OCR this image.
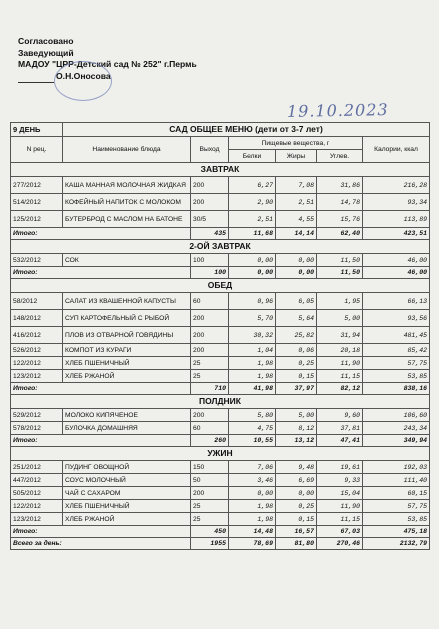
Согласовано
Заведующий
МАДОУ "ЦРР-Детский сад № 252" г.Пермь
О.Н.Оносова
19.10.2023
9 ДЕНЬ	САД ОБЩЕЕ МЕНЮ (дети от 3-7 лет)					
N рец.	Наименование блюда	Выход	Пищевые вещества, г			Калории, ккал
			Белки	Жиры	Углев.	
ЗАВТРАК						
277/2012	КАША МАННАЯ МОЛОЧНАЯ ЖИДКАЯ	200	6,27	7,08	31,86	216,28
514/2012	КОФЕЙНЫЙ НАПИТОК С МОЛОКОМ	200	2,90	2,51	14,78	93,34
125/2012	БУТЕРБРОД С МАСЛОМ НА БАТОНЕ	30/5	2,51	4,55	15,76	113,89
Итого:		435	11,68	14,14	62,40	423,51
2-ОЙ ЗАВТРАК						
532/2012	СОК	100	0,00	0,00	11,50	46,00
Итого:		100	0,00	0,00	11,50	46,00
ОБЕД						
58/2012	САЛАТ ИЗ КВАШЕННОЙ КАПУСТЫ	60	0,96	6,05	1,95	66,13
148/2012	СУП КАРТОФЕЛЬНЫЙ С РЫБОЙ	200	5,70	5,64	5,00	93,56
416/2012	ПЛОВ ИЗ ОТВАРНОЙ ГОВЯДИНЫ	200	30,32	25,82	31,94	481,45
526/2012	КОМПОТ ИЗ КУРАГИ	200	1,04	0,06	20,18	85,42
122/2012	ХЛЕБ ПШЕНИЧНЫЙ	25	1,98	0,25	11,90	57,75
123/2012	ХЛЕБ РЖАНОЙ	25	1,98	0,15	11,15	53,85
Итого:		710	41,98	37,97	82,12	838,16
ПОЛДНИК						
529/2012	МОЛОКО КИПЯЧЕНОЕ	200	5,80	5,00	9,60	106,60
578/2012	БУЛОЧКА ДОМАШНЯЯ	60	4,75	8,12	37,81	243,34
Итого:		260	10,55	13,12	47,41	349,94
УЖИН						
251/2012	ПУДИНГ ОВОЩНОЙ	150	7,06	9,48	19,61	192,03
447/2012	СОУС МОЛОЧНЫЙ	50	3,46	6,69	9,33	111,40
505/2012	ЧАЙ С САХАРОМ	200	0,00	0,00	15,04	60,15
122/2012	ХЛЕБ ПШЕНИЧНЫЙ	25	1,98	0,25	11,90	57,75
123/2012	ХЛЕБ РЖАНОЙ	25	1,98	0,15	11,15	53,85
Итого:		450	14,48	16,57	67,03	475,18
Всего за день:		1955	78,69	81,80	270,46	2132,79
